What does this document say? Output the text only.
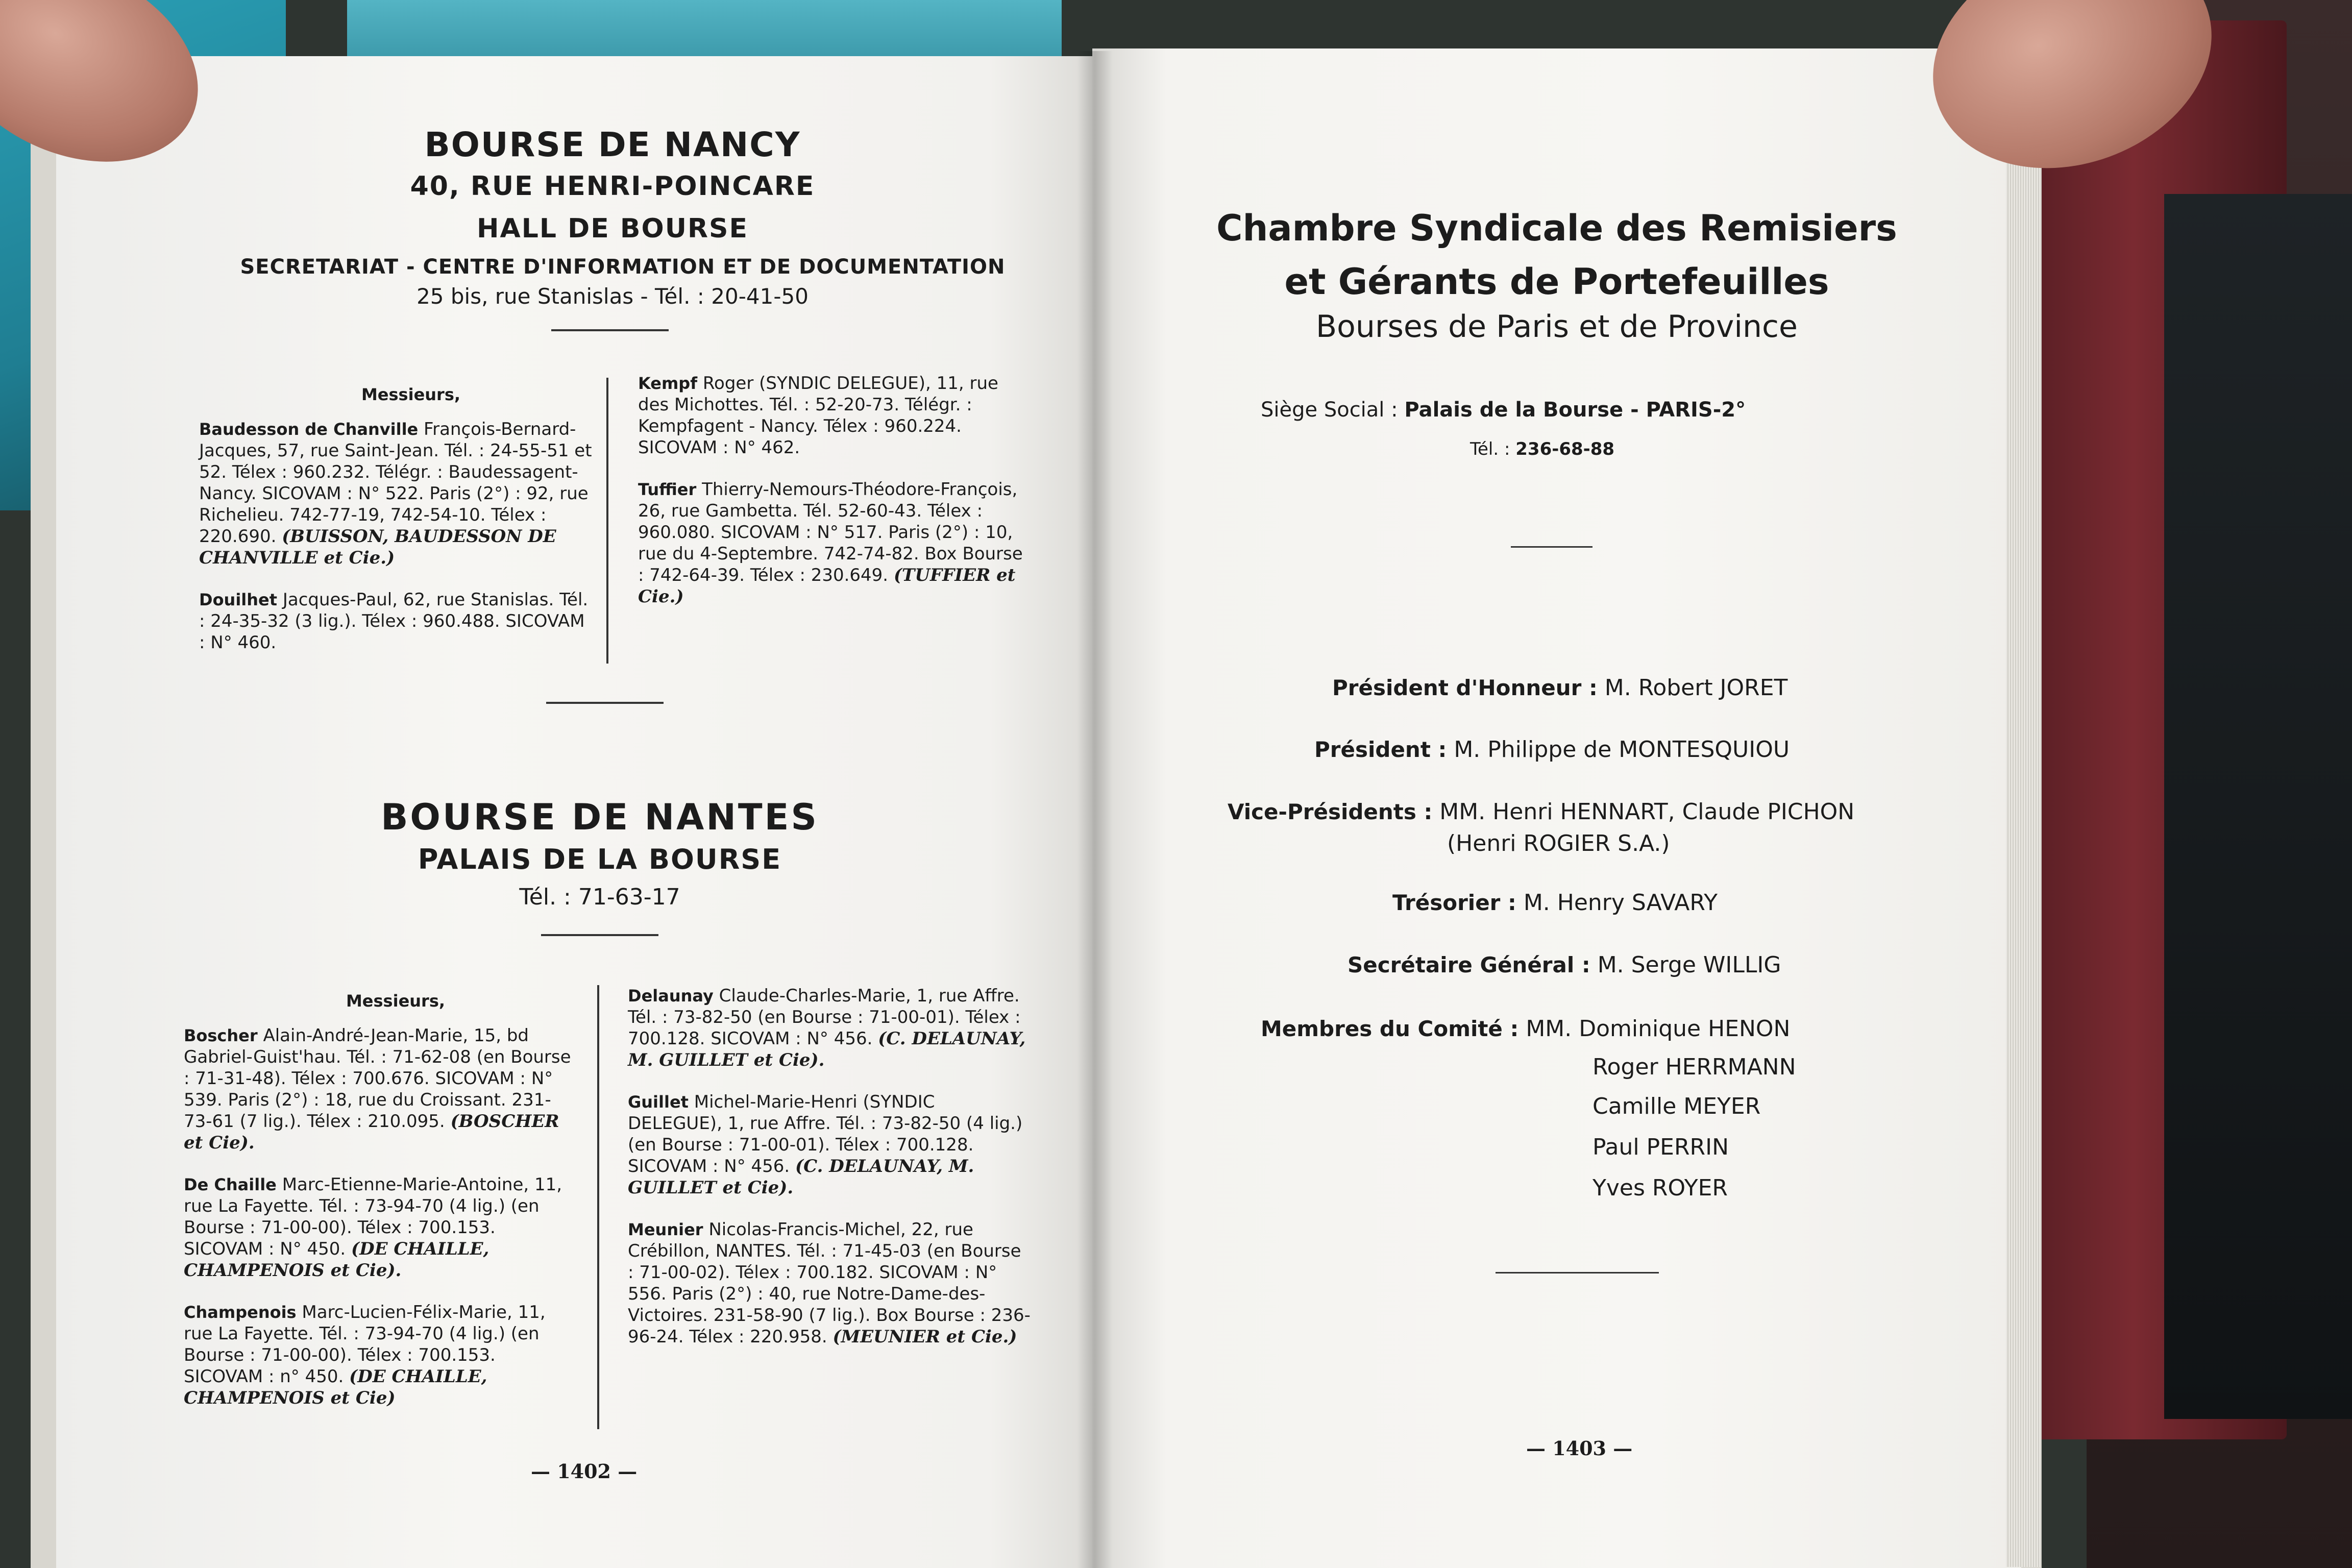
BOURSE DE NANCY
40, RUE HENRI-POINCARE
HALL DE BOURSE
SECRETARIAT - CENTRE D'INFORMATION ET DE DOCUMENTATION
25 bis, rue Stanislas - Tél. : 20-41-50
Messieurs,
Baudesson de Chanville François-Bernard-Jacques, 57, rue Saint-Jean. Tél. : 24-55-51 et 52. Télex : 960.232. Télégr. : Baudessagent-Nancy. SICOVAM : N° 522. Paris (2°) : 92, rue Richelieu. 742-77-19, 742-54-10. Télex : 220.690. (BUISSON, BAUDESSON DE CHANVILLE et Cie.)
Douilhet Jacques-Paul, 62, rue Stanislas. Tél. : 24-35-32 (3 lig.). Télex : 960.488. SICOVAM : N° 460.
Kempf Roger (SYNDIC DELEGUE), 11, rue des Michottes. Tél. : 52-20-73. Télégr. : Kempfagent - Nancy. Télex : 960.224. SICOVAM : N° 462.
Tuffier Thierry-Nemours-Théodore-François, 26, rue Gambetta. Tél. 52-60-43. Télex : 960.080. SICOVAM : N° 517. Paris (2°) : 10, rue du 4-Septembre. 742-74-82. Box Bourse : 742-64-39. Télex : 230.649. (TUFFIER et Cie.)
BOURSE DE NANTES
PALAIS DE LA BOURSE
Tél. : 71-63-17
Messieurs,
Boscher Alain-André-Jean-Marie, 15, bd Gabriel-Guist'hau. Tél. : 71-62-08 (en Bourse : 71-31-48). Télex : 700.676. SICOVAM : N° 539. Paris (2°) : 18, rue du Croissant. 231-73-61 (7 lig.). Télex : 210.095. (BOSCHER et Cie).
De Chaille Marc-Etienne-Marie-Antoine, 11, rue La Fayette. Tél. : 73-94-70 (4 lig.) (en Bourse : 71-00-00). Télex : 700.153. SICOVAM : N° 450. (DE CHAILLE, CHAMPENOIS et Cie).
Champenois Marc-Lucien-Félix-Marie, 11, rue La Fayette. Tél. : 73-94-70 (4 lig.) (en Bourse : 71-00-00). Télex : 700.153. SICOVAM : n° 450. (DE CHAILLE, CHAMPENOIS et Cie)
Delaunay Claude-Charles-Marie, 1, rue Affre. Tél. : 73-82-50 (en Bourse : 71-00-01). Télex : 700.128. SICOVAM : N° 456. (C. DELAUNAY, M. GUILLET et Cie).
Guillet Michel-Marie-Henri (SYNDIC DELEGUE), 1, rue Affre. Tél. : 73-82-50 (4 lig.) (en Bourse : 71-00-01). Télex : 700.128. SICOVAM : N° 456. (C. DELAUNAY, M. GUILLET et Cie).
Meunier Nicolas-Francis-Michel, 22, rue Crébillon, NANTES. Tél. : 71-45-03 (en Bourse : 71-00-02). Télex : 700.182. SICOVAM : N° 556. Paris (2°) : 40, rue Notre-Dame-des-Victoires. 231-58-90 (7 lig.). Box Bourse : 236-96-24. Télex : 220.958. (MEUNIER et Cie.)
— 1402 —
Chambre Syndicale des Remisiers
et Gérants de Portefeuilles
Bourses de Paris et de Province
Siège Social : Palais de la Bourse - PARIS-2°
Tél. : 236-68-88
Président d'Honneur : M. Robert JORET
Président : M. Philippe de MONTESQUIOU
Vice-Présidents : MM. Henri HENNART, Claude PICHON
(Henri ROGIER S.A.)
Trésorier : M. Henry SAVARY
Secrétaire Général : M. Serge WILLIG
Membres du Comité : MM. Dominique HENON
Roger HERRMANN
Camille MEYER
Paul PERRIN
Yves ROYER
— 1403 —
